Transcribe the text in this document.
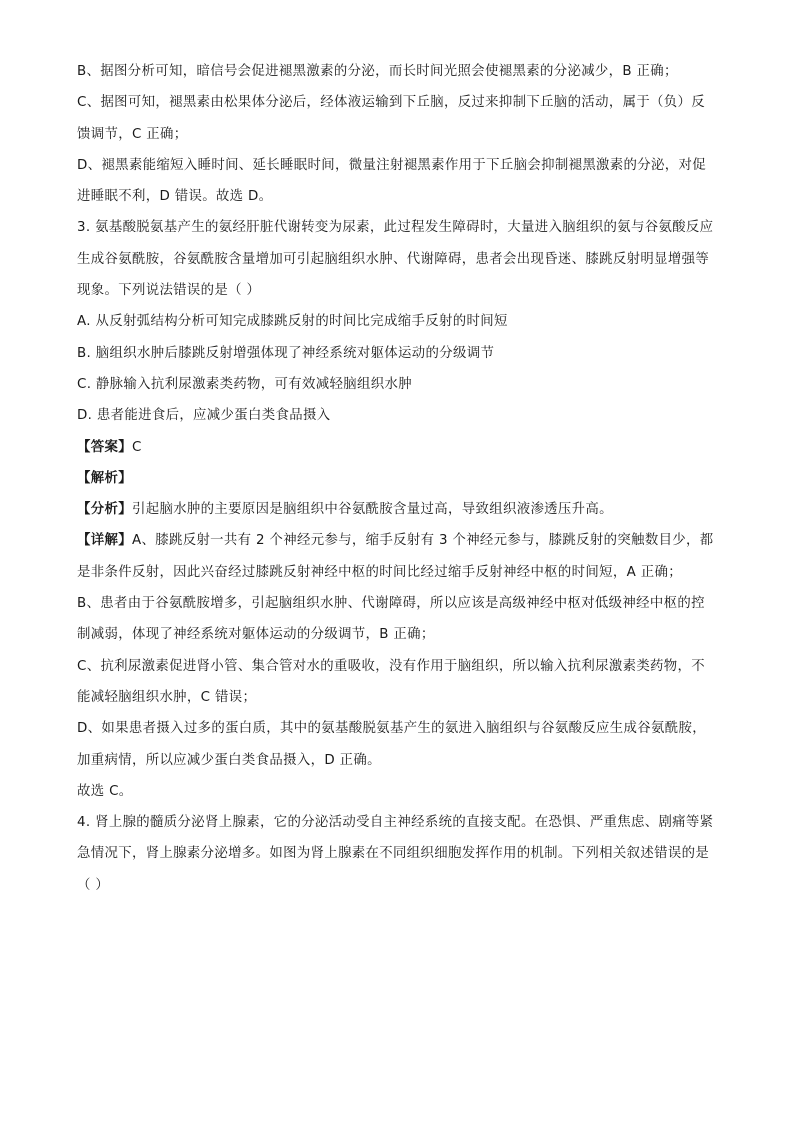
B、据图分析可知，暗信号会促进褪黑激素的分泌，而长时间光照会使褪黑素的分泌减少，B 正确；
C、据图可知，褪黑素由松果体分泌后，经体液运输到下丘脑，反过来抑制下丘脑的活动，属于（负）反
馈调节，C 正确；
D、褪黑素能缩短入睡时间、延长睡眠时间，微量注射褪黑素作用于下丘脑会抑制褪黑激素的分泌，对促
进睡眠不利，D 错误。故选 D。
3. 氨基酸脱氨基产生的氨经肝脏代谢转变为尿素，此过程发生障碍时，大量进入脑组织的氨与谷氨酸反应
生成谷氨酰胺，谷氨酰胺含量增加可引起脑组织水肿、代谢障碍，患者会出现昏迷、膝跳反射明显增强等
现象。下列说法错误的是（ ）
A. 从反射弧结构分析可知完成膝跳反射的时间比完成缩手反射的时间短
B. 脑组织水肿后膝跳反射增强体现了神经系统对躯体运动的分级调节
C. 静脉输入抗利尿激素类药物，可有效减轻脑组织水肿
D. 患者能进食后，应减少蛋白类食品摄入
【答案】C
【解析】
【分析】引起脑水肿的主要原因是脑组织中谷氨酰胺含量过高，导致组织液渗透压升高。
【详解】A、膝跳反射一共有 2 个神经元参与，缩手反射有 3 个神经元参与，膝跳反射的突触数目少，都
是非条件反射，因此兴奋经过膝跳反射神经中枢的时间比经过缩手反射神经中枢的时间短，A 正确；
B、患者由于谷氨酰胺增多，引起脑组织水肿、代谢障碍，所以应该是高级神经中枢对低级神经中枢的控
制减弱，体现了神经系统对躯体运动的分级调节，B 正确；
C、抗利尿激素促进肾小管、集合管对水的重吸收，没有作用于脑组织，所以输入抗利尿激素类药物，不
能减轻脑组织水肿，C 错误；
D、如果患者摄入过多的蛋白质，其中的氨基酸脱氨基产生的氨进入脑组织与谷氨酸反应生成谷氨酰胺，
加重病情，所以应减少蛋白类食品摄入，D 正确。
故选 C。
4. 肾上腺的髓质分泌肾上腺素，它的分泌活动受自主神经系统的直接支配。在恐惧、严重焦虑、剧痛等紧
急情况下，肾上腺素分泌增多。如图为肾上腺素在不同组织细胞发挥作用的机制。下列相关叙述错误的是
（ ）
